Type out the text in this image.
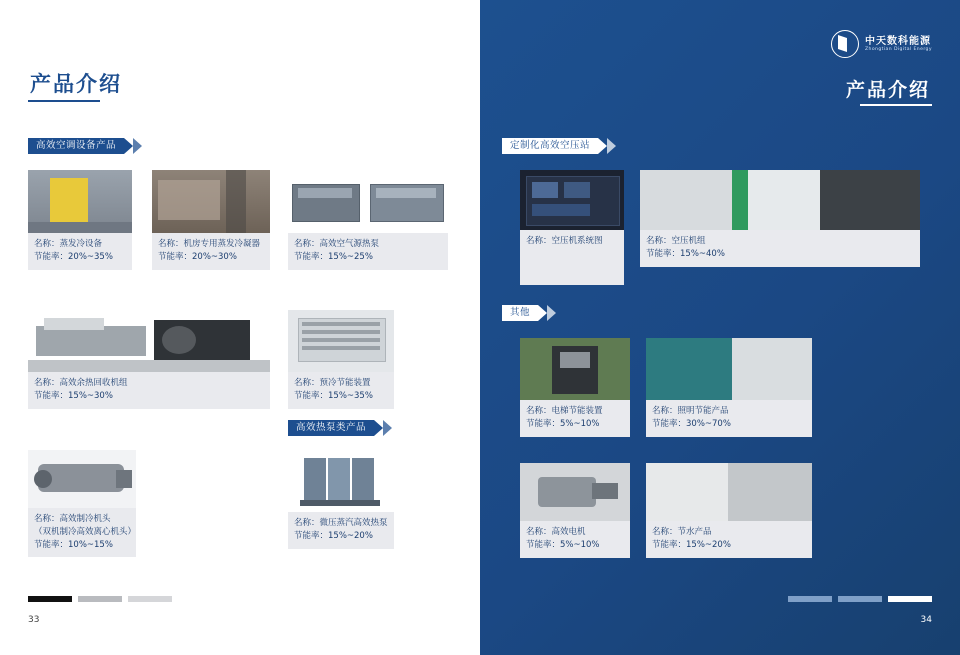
产品介绍
高效空调设备产品
名称：蒸发冷设备
节能率：20%~35%
名称：机房专用蒸发冷凝器
节能率：20%~30%
名称：高效空气源热泵
节能率：15%~25%
名称：高效余热回收机组
节能率：15%~30%
名称：预冷节能装置
节能率：15%~35%
高效热泵类产品
名称：微压蒸汽高效热泵
节能率：15%~20%
名称：高效制冷机头
（双机制冷高效离心机头）
节能率：10%~15%
33
中天数科能源
Zhongtian Digital Energy
产品介绍
定制化高效空压站
名称：空压机系统图	名称：空压机组
节能率：15%~40%
其他
名称：电梯节能装置
节能率：5%~10%
名称：照明节能产品
节能率：30%~70%
名称：高效电机
节能率：5%~10%
名称：节水产品
节能率：15%~20%
34
